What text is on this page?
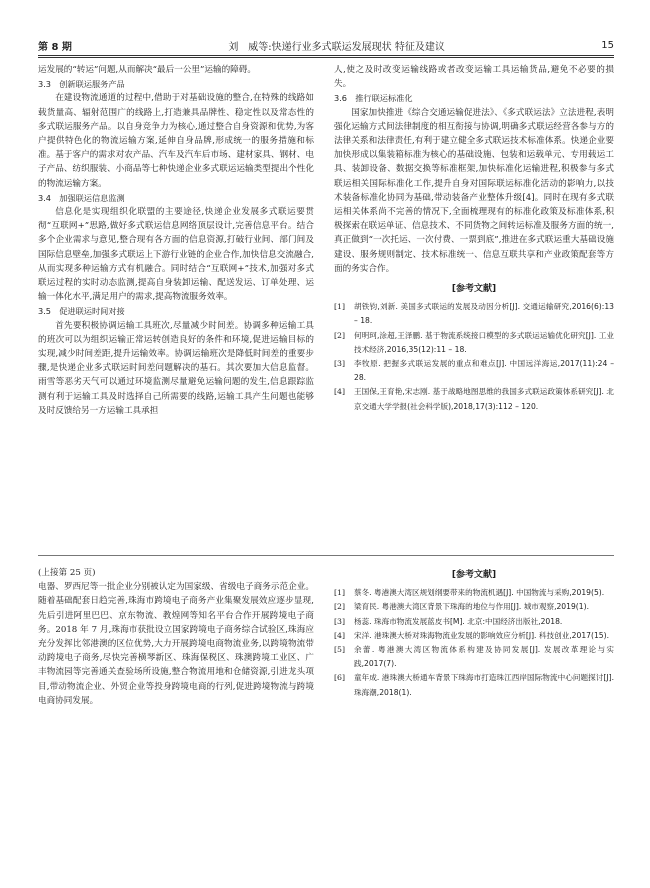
第 8 期	刘　威等:快递行业多式联运发展现状 特征及建议	15

运发展的“转运”问题,从而解决“最后一公里”运输的障碍。

3.3　创新联运服务产品

在建设物流通道的过程中,借助于对基础设施的整合,在特殊的线路如载货量高、辐射范围广的线路上,打造兼具品牌性、稳定性以及常态性的多式联运服务产品。以自身竞争力为核心,通过整合自身资源和优势,为客户提供特色化的物流运输方案,延伸自身品牌,形成统一的服务措施和标准。基于客户的需求对农产品、汽车及汽车后市场、建材家具、钢材、电子产品、纺织服装、小商品等七种快递企业多式联运运输类型提出个性化的物流运输方案。

3.4　加强联运信息监测

信息化是实现组织化联盟的主要途径,快递企业发展多式联运要贯彻“互联网+”思路,做好多式联运信息网络顶层设计,完善信息平台。结合多个企业需求与意见,整合现有各方面的信息资源,打破行业间、部门间及国际信息壁垒,加强多式联运上下游行业链的企业合作,加快信息交流融合,从而实现多种运输方式有机融合。同时结合“互联网+”技术,加强对多式联运过程的实时动态监测,提高自身装卸运输、配送发运、订单处理、运输一体化水平,满足用户的需求,提高物流服务效率。

3.5　促进联运时间对接

首先要积极协调运输工具班次,尽量减少时间差。协调多种运输工具的班次可以为组织运输正常运转创造良好的条件和环境,促进运输目标的实现,减少时间差距,提升运输效率。协调运输班次是降低时间差的重要步骤,是快递企业多式联运时间差问题解决的基石。其次要加大信息监督。雨雪等恶劣天气可以通过环境监测尽量避免运输问题的发生,信息跟踪监测有利于运输工具及时选择自己所需要的线路,运输工具产生问题也能够及时反馈给另一方运输工具承担

人,使之及时改变运输线路或者改变运输工具运输货品,避免不必要的损失。

3.6　推行联运标准化

国家加快推进《综合交通运输促进法》、《多式联运法》立法进程,表明强化运输方式间法律制度的相互衔接与协调,明确多式联运经营各参与方的法律关系和法律责任,有利于建立健全多式联运技术标准体系。快递企业要加快形成以集装箱标准为核心的基础设施、包装和运载单元、专用载运工具、装卸设备、数据交换等标准框架,加快标准化运输进程,积极参与多式联运相关国际标准化工作,提升自身对国际联运标准化活动的影响力,以技术装备标准化协同为基础,带动装备产业整体升级[4]。同时在现有多式联运相关体系尚不完善的情况下,全面梳理现有的标准化政策及标准体系,积极探索在联运单证、信息技术、不同货物之间转运标准及服务方面的统一,真正做到“一次托运、一次付费、一票到底”,推进在多式联运重大基础设施建设、服务规则制定、技术标准统一、信息互联共享和产业政策配套等方面的务实合作。

[参考文献]
[1]	胡铁钧,刘新. 美国多式联运的发展及动因分析[J]. 交通运输研究,2016(6):13 – 18.
[2]	何明珂,涂超,王泽鹏. 基于物流系统接口模型的多式联运运输优化研究[J]. 工业技术经济,2016,35(12):11 – 18.
[3]	李牧原. 把握多式联运发展的重点和难点[J]. 中国远洋海运,2017(11):24 – 28.
[4]	王国保,王育艳,宋志刚. 基于战略地图思维的我国多式联运政策体系研究[J]. 北京交通大学学报(社会科学版),2018,17(3):112 – 120.

(上接第 25 页)

电器、罗西尼等一批企业分别被认定为国家级、省级电子商务示范企业。随着基础配套日趋完善,珠海市跨境电子商务产业集聚发展效应逐步显现,先后引进阿里巴巴、京东物流、教煌网等知名平台合作开展跨境电子商务。2018 年 7 月,珠海市获批设立国家跨境电子商务综合试验区,珠海应充分发挥比邻港澳的区位优势,大力开展跨境电商物流业务,以跨境物流带动跨境电子商务,尽快完善横琴新区、珠海保税区、珠澳跨境工业区、广丰物流园等完善通关查验场所设施,整合物流用地和仓储资源,引进龙头项目,带动物流企业、外贸企业等投身跨境电商的行列,促进跨境物流与跨境电商协同发展。

[参考文献]
[1]	蔡冬. 粤港澳大湾区规划纲要带来的物流机遇[J]. 中国物流与采购,2019(5).
[2]	梁育民. 粤港澳大湾区背景下珠海的地位与作用[J]. 城市观察,2019(1).
[3]	杨蕊. 珠海市物流发展蓝皮书[M]. 北京:中国经济出版社,2018.
[4]	宋洋. 港珠澳大桥对珠海物流业发展的影响效应分析[J]. 科技创业,2017(15).
[5]	余蕾. 粤港澳大湾区物流体系构建及协同发展[J]. 发展改革理论与实践,2017(7).
[6]	童年成. 港珠澳大桥通车背景下珠海市打造珠江西岸国际物流中心问题探讨[J]. 珠海潮,2018(1).
